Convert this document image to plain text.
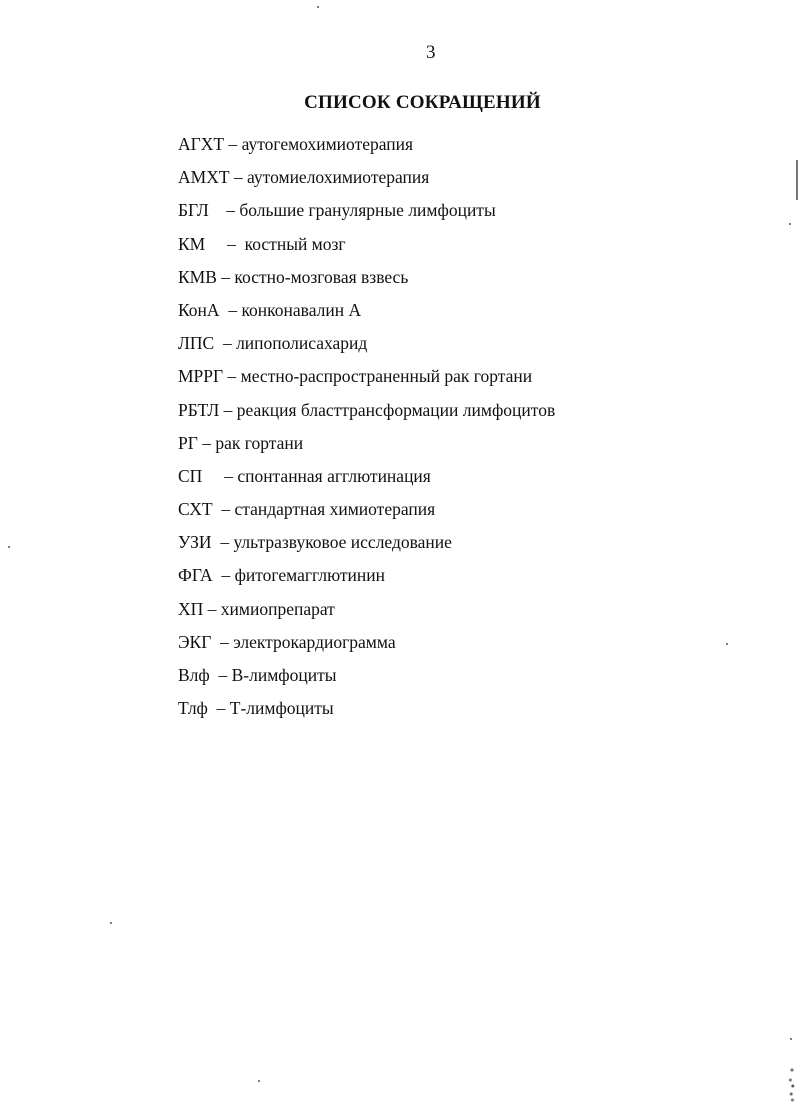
3
СПИСОК СОКРАЩЕНИЙ
АГХТ – аутогемохимиотерапия
АМХТ – аутомиелохимиотерапия
БГЛ    – большие гранулярные лимфоциты
КМ     –  костный мозг
КМВ – костно-мозговая взвесь
КонА  – конконавалин А
ЛПС  – липополисахарид
МРРГ – местно-распространенный рак гортани
РБТЛ – реакция бласттрансформации лимфоцитов
РГ – рак гортани
СП     – спонтанная агглютинация
СХТ  – стандартная химиотерапия
УЗИ  – ультразвуковое исследование
ФГА  – фитогемагглютинин
ХП – химиопрепарат
ЭКГ  – электрокардиограмма
Влф  – В-лимфоциты
Тлф  – Т-лимфоциты
